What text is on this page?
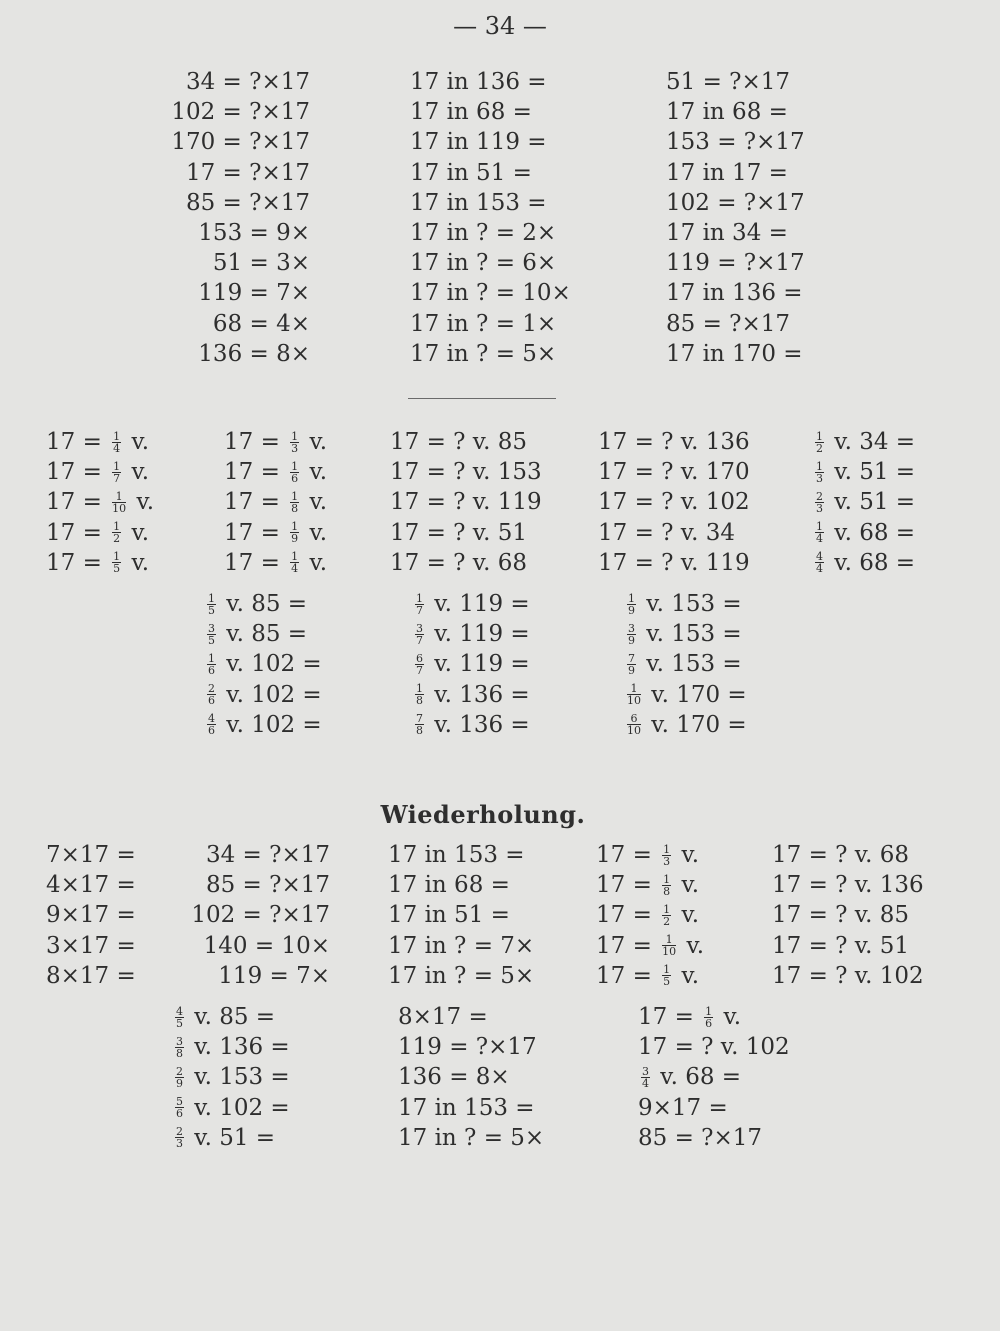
— 34 —
34 = ?×17
102 = ?×17
170 = ?×17
17 = ?×17
85 = ?×17
153 = 9×
51 = 3×
119 = 7×
68 = 4×
136 = 8×
17 in 136 =
17 in 68 =
17 in 119 =
17 in 51 =
17 in 153 =
17 in ? = 2×
17 in ? = 6×
17 in ? = 10×
17 in ? = 1×
17 in ? = 5×
51 = ?×17
17 in 68 =
153 = ?×17
17 in 17 =
102 = ?×17
17 in 34 =
119 = ?×17
17 in 136 =
85 = ?×17
17 in 170 =
$17 = \frac{1}{4} v$.
$17 = \frac{1}{7} v$.
$17 = \frac{1}{10} v$.
$17 = \frac{1}{2} v$.
$17 = \frac{1}{5} v$.
$17 = \frac{1}{3} v$.
$17 = \frac{1}{6} v$.
$17 = \frac{1}{8} v$.
$17 = \frac{1}{9} v$.
$17 = \frac{1}{4} v$.
17 = ? v. 85
17 = ? v. 153
17 = ? v. 119
17 = ? v. 51
17 = ? v. 68
17 = ? v. 136
17 = ? v. 170
17 = ? v. 102
17 = ? v. 34
17 = ? v. 119
$\frac{1}{2} v$. 34 =
$\frac{1}{3} v$. 51 =
$\frac{2}{3} v$. 51 =
$\frac{1}{4} v$. 68 =
$\frac{4}{4} v$. 68 =
$\frac{1}{5} v$. 85 =
$\frac{3}{5} v$. 85 =
$\frac{1}{6} v$. 102 =
$\frac{2}{6} v$. 102 =
$\frac{4}{6} v$. 102 =
$\frac{1}{7} v$. 119 =
$\frac{3}{7} v$. 119 =
$\frac{6}{7} v$. 119 =
$\frac{1}{8} v$. 136 =
$\frac{7}{8} v$. 136 =
$\frac{1}{9} v$. 153 =
$\frac{3}{9} v$. 153 =
$\frac{7}{9} v$. 153 =
$\frac{1}{10} v$. 170 =
$\frac{6}{10} v$. 170 =
Wiederholung.
7×17 =
4×17 =
9×17 =
3×17 =
8×17 =
34 = ?×17
85 = ?×17
102 = ?×17
140 = 10×
119 = 7×
17 in 153 =
17 in 68 =
17 in 51 =
17 in ? = 7×
17 in ? = 5×
$17 = \frac{1}{3} v$.
$17 = \frac{1}{8} v$.
$17 = \frac{1}{2} v$.
$17 = \frac{1}{10} v$.
$17 = \frac{1}{5} v$.
17 = ? v. 68
17 = ? v. 136
17 = ? v. 85
17 = ? v. 51
17 = ? v. 102
$\frac{4}{5} v$. 85 =
$\frac{3}{8} v$. 136 =
$\frac{2}{9} v$. 153 =
$\frac{5}{6} v$. 102 =
$\frac{2}{3} v$. 51 =
8×17 =
119 = ?×17
136 = 8×
17 in 153 =
17 in ? = 5×
$17 = \frac{1}{6} v$.
17 = ? v. 102
$\frac{3}{4} v$. 68 =
9×17 =
85 = ?×17
